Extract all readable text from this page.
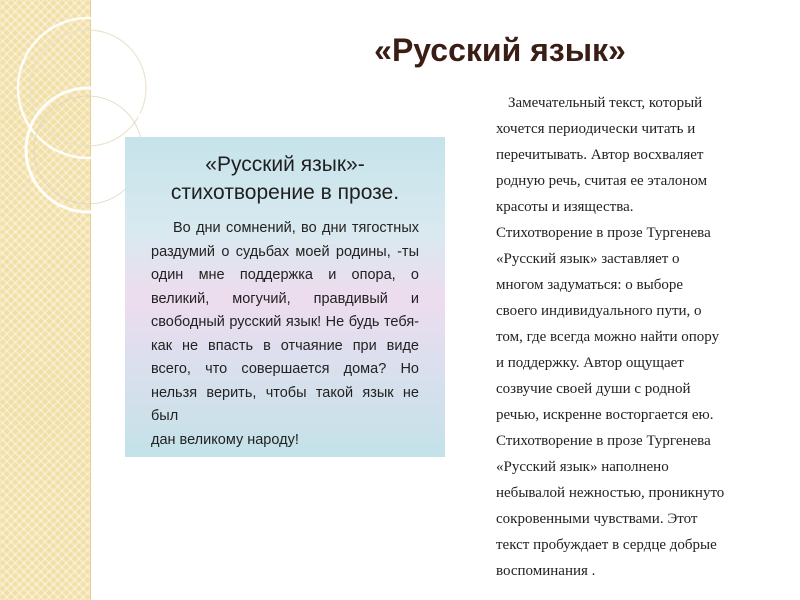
«Русский язык»
«Русский язык»-
стихотворение в прозе.

Во дни сомнений, во дни тягостных

раздумий о судьбах моей родины, -ты
один мне поддержка и опора, о
великий, могучий, правдивый и
свободный русский язык! Не будь тебя-
как не впасть в отчаяние при виде
всего, что совершается дома? Но
нельзя верить, чтобы такой язык не был
дан великому народу!
Замечательный текст, который
хочется периодически читать и
перечитывать. Автор восхваляет
родную речь, считая ее эталоном
красоты и изящества.
Стихотворение в прозе Тургенева
«Русский язык» заставляет о
многом задуматься: о выборе
своего индивидуального пути, о
том, где всегда можно найти опору
и поддержку. Автор ощущает
созвучие своей души с родной
речью, искренне восторгается ею.
Стихотворение в прозе Тургенева
«Русский язык» наполнено
небывалой нежностью, проникнуто
сокровенными чувствами. Этот
текст пробуждает в сердце добрые
воспоминания .
